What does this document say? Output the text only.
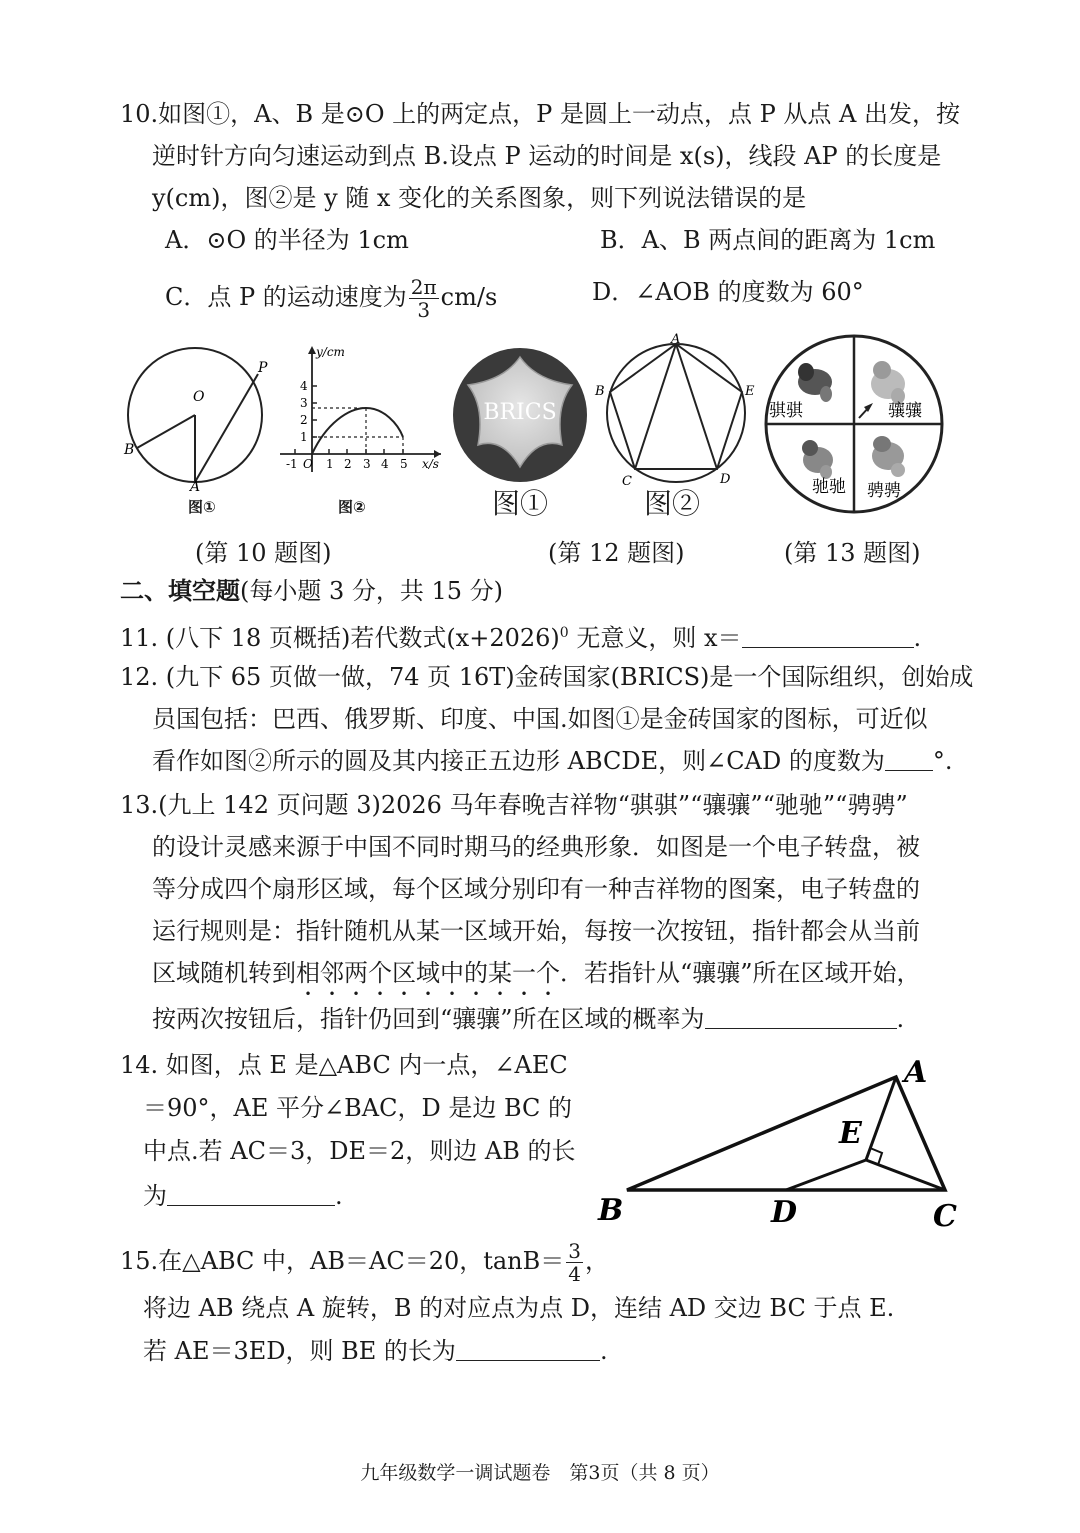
10.如图①，A、B 是⊙O 上的两定点，P 是圆上一动点，点 P 从点 A 出发，按
逆时针方向匀速运动到点 B.设点 P 运动的时间是 x(s)，线段 AP 的长度是
y(cm)，图②是 y 随 x 变化的关系图象，则下列说法错误的是
A．⊙O 的半径为 1cm	B．A、B 两点间的距离为 1cm
C．点 P 的运动速度为 $\frac{2\pi}{3} cm/s$	D．∠AOB 的度数为 60°
O
P
B
A
图①
y/cm
x/s
1
2
3
4
-1 O 1 2 3 4 5
图②
BRICS
图①
A
B
C	D
E
图②
骐骐	骧骧
驰驰 骋骋
(第 10 题图)	(第 12 题图)	(第 13 题图)
二、填空题(每小题 3 分，共 15 分)
11. (八下 18 页概括)若代数式$(x+2026)^0$ 无意义，则 x＝	.
12. (九下 65 页做一做，74 页 16T)金砖国家(BRICS)是一个国际组织，创始成
员国包括：巴西、俄罗斯、印度、中国.如图①是金砖国家的图标，可近似
看作如图②所示的圆及其内接正五边形 ABCDE，则∠CAD 的度数为 °.
13.(九上 142 页问题 3)2026 马年春晚吉祥物“骐骐”“骧骧”“驰驰”“骋骋”
的设计灵感来源于中国不同时期马的经典形象．如图是一个电子转盘，被
等分成四个扇形区域，每个区域分别印有一种吉祥物的图案，电子转盘的
运行规则是：指针随机从某一区域开始，每按一次按钮，指针都会从当前
区域随机转到相邻两个区域中的某一个．若指针从“骧骧”所在区域开始，
按两次按钮后，指针仍回到“骧骧”所在区域的概率为	.
14. 如图，点 E 是△ABC 内一点，∠AEC
＝90°，AE 平分∠BAC，D 是边 BC 的
中点.若 AC＝3，DE＝2，则边 AB 的长
为	.
A
B	C
D
E
15.在△ABC 中，AB＝AC＝20，$\tan B= \frac{3}{4}$ ，
将边 AB 绕点 A 旋转，B 的对应点为点 D，连结 AD 交边 BC 于点 E.
若 AE＝3ED，则 BE 的长为	.
九年级数学一调试题卷　第3页（共 8 页）
